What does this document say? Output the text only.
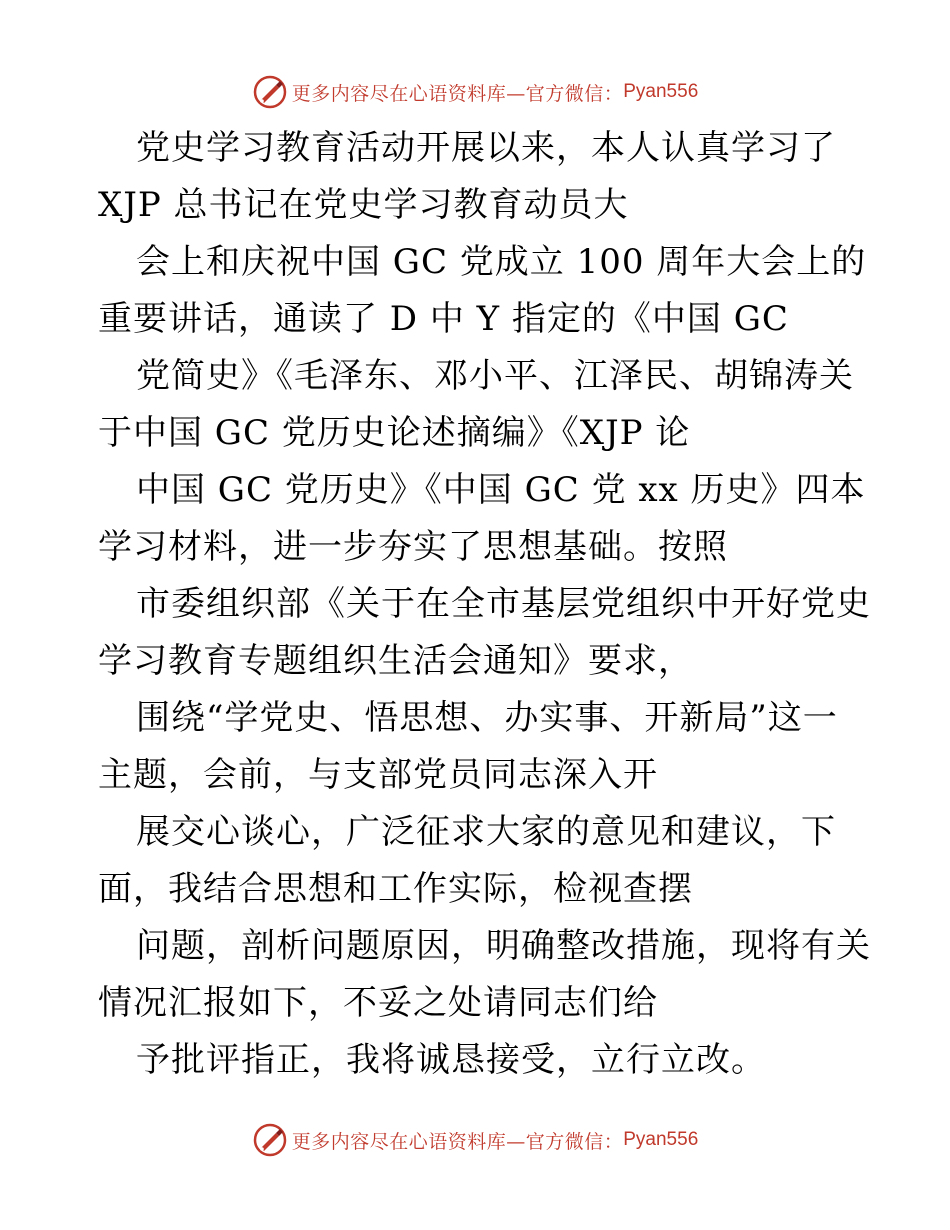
更多内容尽在心语资料库—官方微信： Pyan556
党史学习教育活动开展以来，本人认真学习了
XJP 总书记在党史学习教育动员大
会上和庆祝中国 GC 党成立 100 周年大会上的
重要讲话，通读了 D 中 Y 指定的《中国 GC
党简史》《毛泽东、邓小平、江泽民、胡锦涛关
于中国 GC 党历史论述摘编》《XJP 论
中国 GC 党历史》《中国 GC 党 xx 历史》四本
学习材料，进一步夯实了思想基础。按照
市委组织部《关于在全市基层党组织中开好党史
学习教育专题组织生活会通知》要求，
围绕“学党史、悟思想、办实事、开新局”这一
主题，会前，与支部党员同志深入开
展交心谈心，广泛征求大家的意见和建议，下
面，我结合思想和工作实际，检视查摆
问题，剖析问题原因，明确整改措施，现将有关
情况汇报如下，不妥之处请同志们给
予批评指正，我将诚恳接受，立行立改。
更多内容尽在心语资料库—官方微信： Pyan556
